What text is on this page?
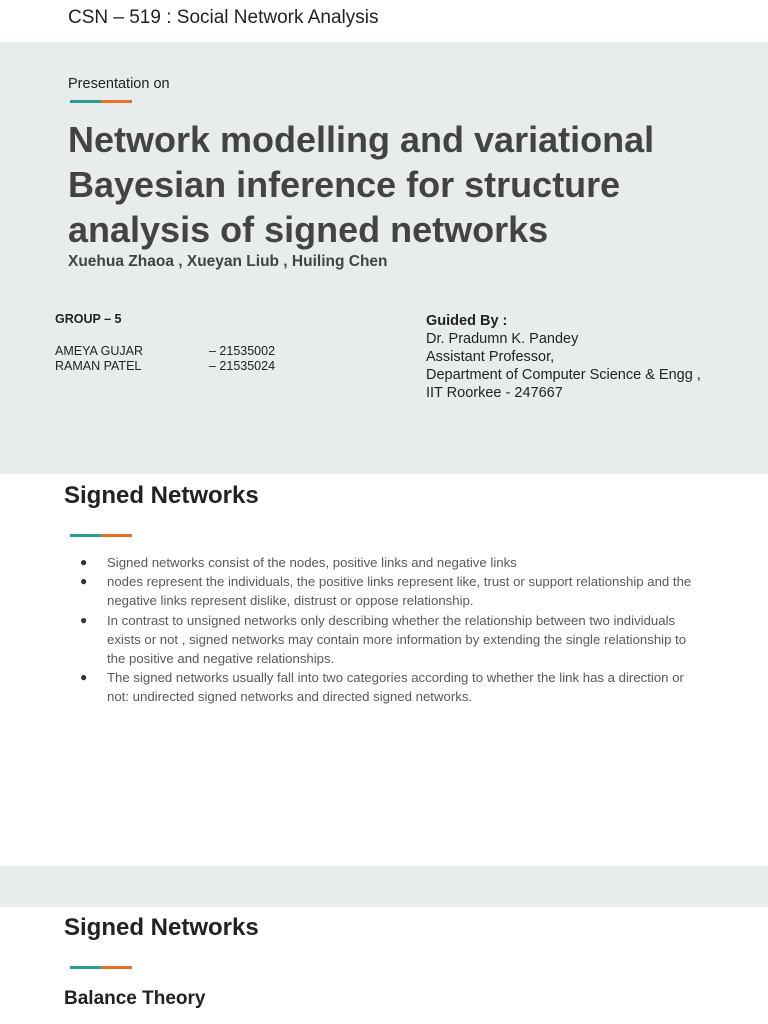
CSN – 519 : Social Network Analysis
Presentation on
Network modelling and variational Bayesian inference for structure analysis of signed networks
Xuehua Zhaoa , Xueyan Liub , Huiling Chen
GROUP – 5
AMEYA GUJAR	– 21535002
RAMAN PATEL	– 21535024
Guided By :
Dr. Pradumn K. Pandey
Assistant Professor,
Department of Computer Science & Engg ,
IIT Roorkee - 247667
Signed Networks
● Signed networks consist of the nodes, positive links and negative links
● nodes represent the individuals, the positive links represent like, trust or support relationship and the negative links represent dislike, distrust or oppose relationship.
● In contrast to unsigned networks only describing whether the relationship between two individuals exists or not , signed networks may contain more information by extending the single relationship to the positive and negative relationships.
● The signed networks usually fall into two categories according to whether the link has a direction or not: undirected signed networks and directed signed networks.
Signed Networks
Balance Theory
